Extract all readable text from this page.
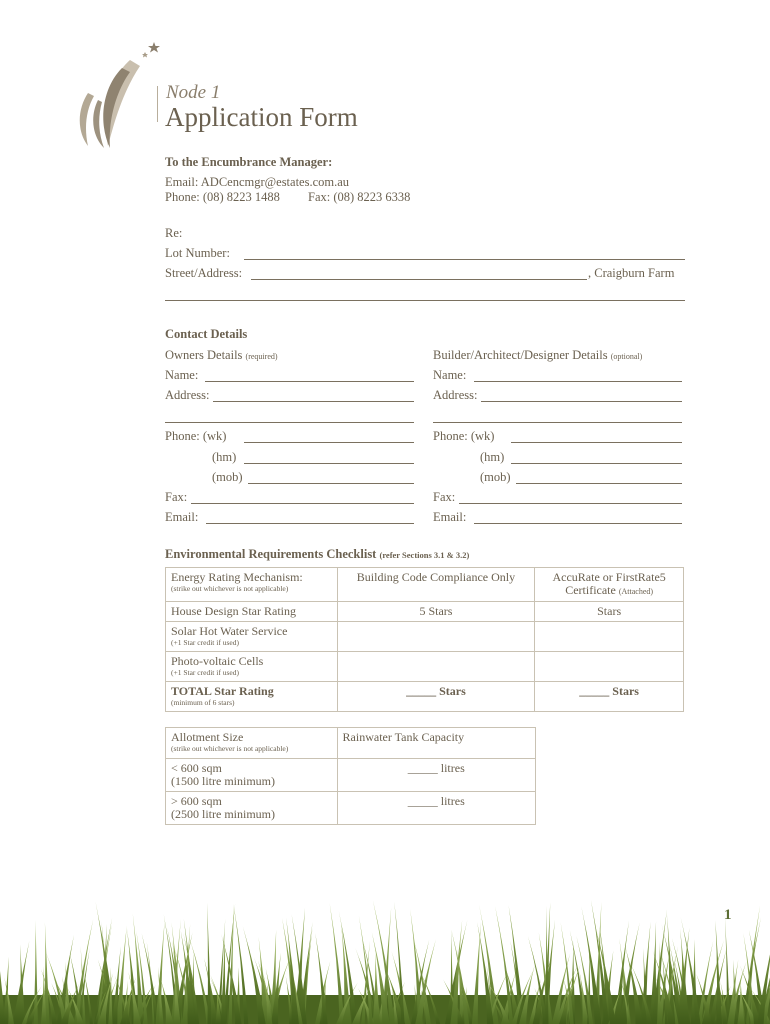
Node 1
Application Form
To the Encumbrance Manager:
Email: ADCencmgr@estates.com.au
Phone: (08) 8223 1488 Fax: (08) 8223 6338
Re:
Lot Number:
Street/Address:	, Craigburn Farm
Contact Details
Owners Details (required)
Name:
Address:
Phone: (wk)
(hm)
(mob)
Fax:
Email:
Builder/Architect/Designer Details (optional)
Name:
Address:
Phone: (wk)
(hm)
(mob)
Fax:
Email:
Environmental Requirements Checklist (refer Sections 3.1 & 3.2)
Energy Rating Mechanism:
(strike out whichever is not applicable)	Building Code Compliance Only	AccuRate or FirstRate5 Certificate (Attached)
House Design Star Rating	5 Stars	Stars
Solar Hot Water Service
(+1 Star credit if used)		

Photo-voltaic Cells
(+1 Star credit if used)		

TOTAL Star Rating
(minimum of 6 stars)	_____ Stars	_____ Stars
Allotment Size
(strike out whichever is not applicable)	Rainwater Tank Capacity
< 600 sqm
(1500 litre minimum)	_____ litres
> 600 sqm
(2500 litre minimum)	_____ litres
1
